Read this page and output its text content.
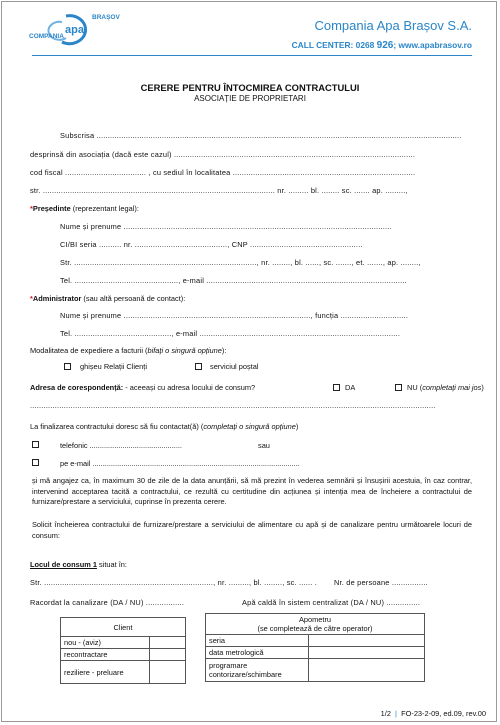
BRAȘOV
apa
COMPANIA
Compania Apa Brașov S.A.
CALL CENTER: 0268 926; www.apabrasov.ro
CERERE PENTRU ÎNTOCMIREA CONTRACTULUI
ASOCIAȚIE DE PROPRIETARI
Subscrisa ..................................................................................................................................................................
desprinsă din asociația (dacă este cazul) ...........................................................................................................
cod fiscal .................................... , cu sediul în localitatea .................................................................................
str. ....................................................................................................... nr. ......... bl. ........ sc. ....... ap. .........,
*Președinte (reprezentant legal):
Nume și prenume .......................................................................................................................
CI/BI seria .......... nr. ........................................., CNP ..................................................
Str. ................................................................................., nr. ........, bl. ......, sc. ......., et. ......., ap. ........,
Tel. .............................................., e-mail .........................................................................................
*Administrator (sau altă persoană de contact):
Nume și prenume ..................................................................................., funcția ..............................
Tel. ..........................................., e-mail .........................................................................................
Modalitatea de expediere a facturii (bifați o singură opțiune):
ghișeu Relații Clienți	serviciul poștal
Adresa de corespondență: - aceeași cu adresa locului de consum?	DA	NU (completați mai jos)
....................................................................................................................................................................................
La finalizarea contractului doresc să fiu contactat(ă) (completați o singură opțiune)
telefonic .............................................	sau
pe e-mail .....................................................................................................
și mă angajez ca, în maximum 30 de zile de la data anunțării, să mă prezint în vederea semnării și însușirii acestuia, în caz contrar, intervenind acceptarea tacită a contractului, ce rezultă cu certitudine din acțiunea și intenția mea de încheiere a contractului de furnizare/prestare a serviciului, cuprinse în prezenta cerere.
Solicit încheierea contractului de furnizare/prestare a serviciului de alimentare cu apă și de canalizare pentru următoarele locuri de consum:
Locul de consum 1 situat în:
Str. ..........................................................................., nr. ........., bl. ........, sc. ...... . Nr. de persoane ................
Racordat la canalizare (DA / NU) .................	Apă caldă în sistem centralizat (DA / NU) ...............
Client	
nou - (aviz)	
recontractare	
reziliere - preluare	
Apometru
(se completează de către operator)	

seria	
data metrologică	
programare contorizare/schimbare	
1/2  |  FO-23-2-09, ed.09, rev.00
